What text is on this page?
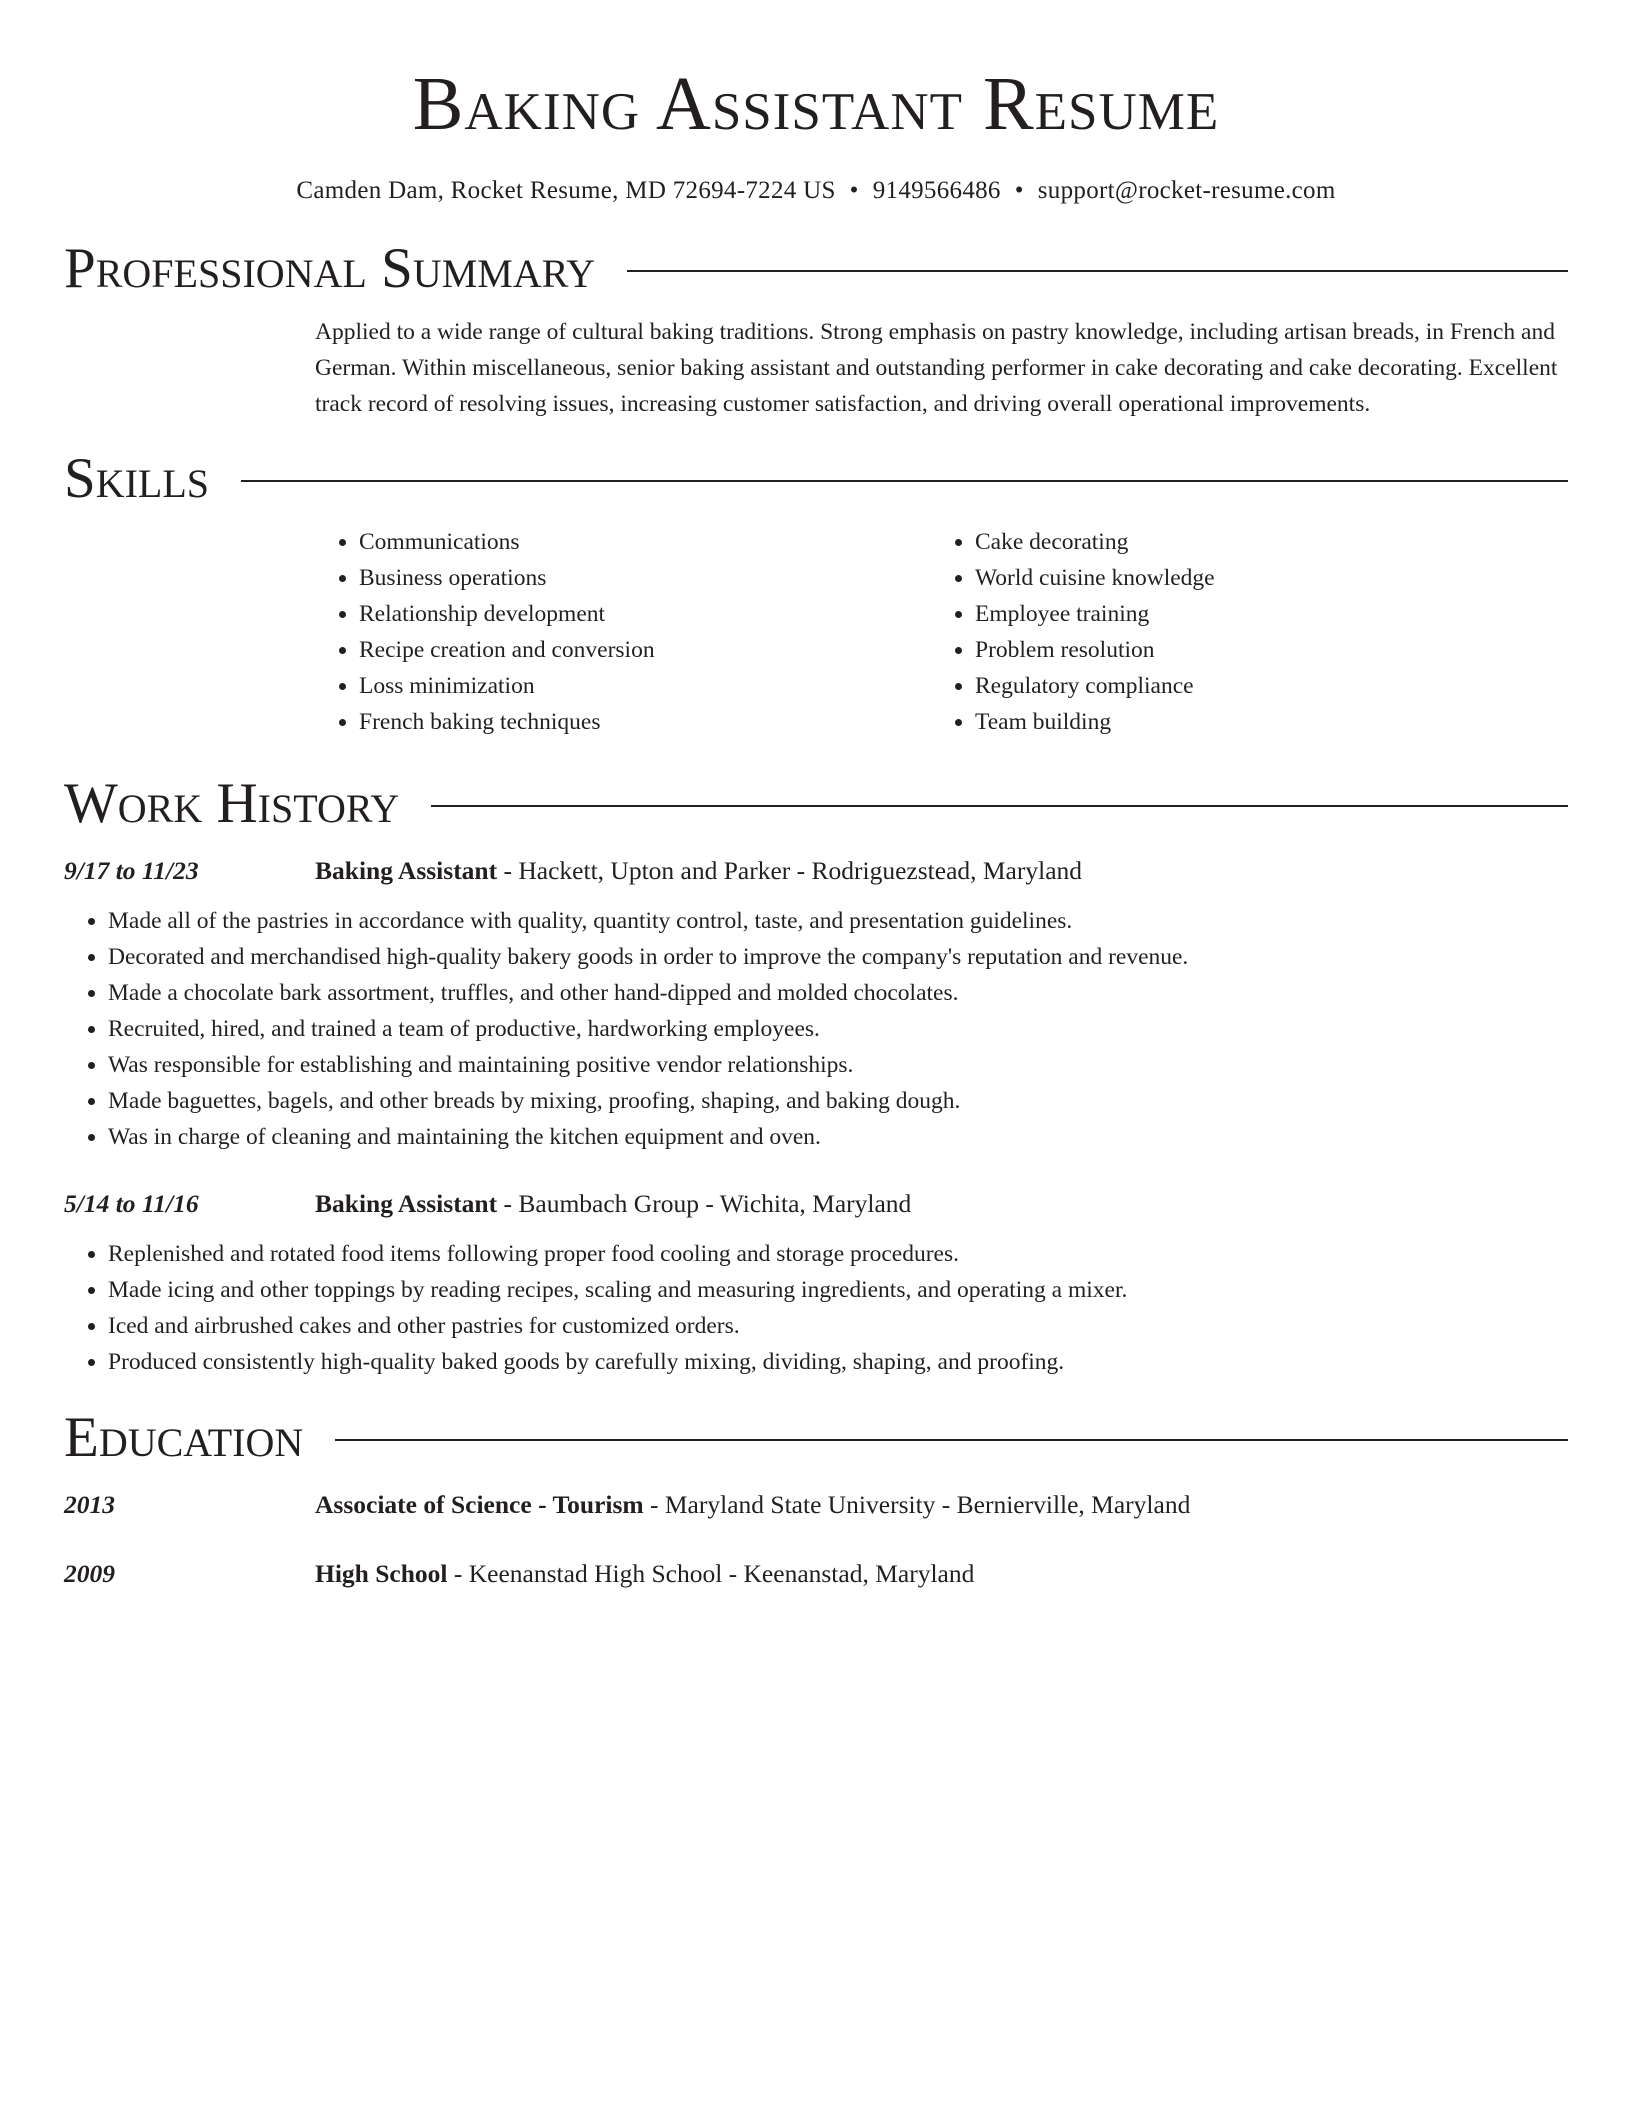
Baking Assistant Resume
Camden Dam, Rocket Resume, MD 72694-7224 US • 9149566486 • support@rocket-resume.com
Professional Summary

Applied to a wide range of cultural baking traditions. Strong emphasis on pastry knowledge, including artisan breads, in French and German. Within miscellaneous, senior baking assistant and outstanding performer in cake decorating and cake decorating. Excellent track record of resolving issues, increasing customer satisfaction, and driving overall operational improvements.

Skills
• Communications
• Business operations
• Relationship development
• Recipe creation and conversion
• Loss minimization
• French baking techniques
• Cake decorating
• World cuisine knowledge
• Employee training
• Problem resolution
• Regulatory compliance
• Team building
Work History
9/17 to 11/23	Baking Assistant - Hackett, Upton and Parker - Rodriguezstead, Maryland
• Made all of the pastries in accordance with quality, quantity control, taste, and presentation guidelines.
• Decorated and merchandised high-quality bakery goods in order to improve the company's reputation and revenue.
• Made a chocolate bark assortment, truffles, and other hand-dipped and molded chocolates.
• Recruited, hired, and trained a team of productive, hardworking employees.
• Was responsible for establishing and maintaining positive vendor relationships.
• Made baguettes, bagels, and other breads by mixing, proofing, shaping, and baking dough.
• Was in charge of cleaning and maintaining the kitchen equipment and oven.
5/14 to 11/16	Baking Assistant - Baumbach Group - Wichita, Maryland
• Replenished and rotated food items following proper food cooling and storage procedures.
• Made icing and other toppings by reading recipes, scaling and measuring ingredients, and operating a mixer.
• Iced and airbrushed cakes and other pastries for customized orders.
• Produced consistently high-quality baked goods by carefully mixing, dividing, shaping, and proofing.
Education
2013	Associate of Science - Tourism - Maryland State University - Bernierville, Maryland
2009	High School - Keenanstad High School - Keenanstad, Maryland
